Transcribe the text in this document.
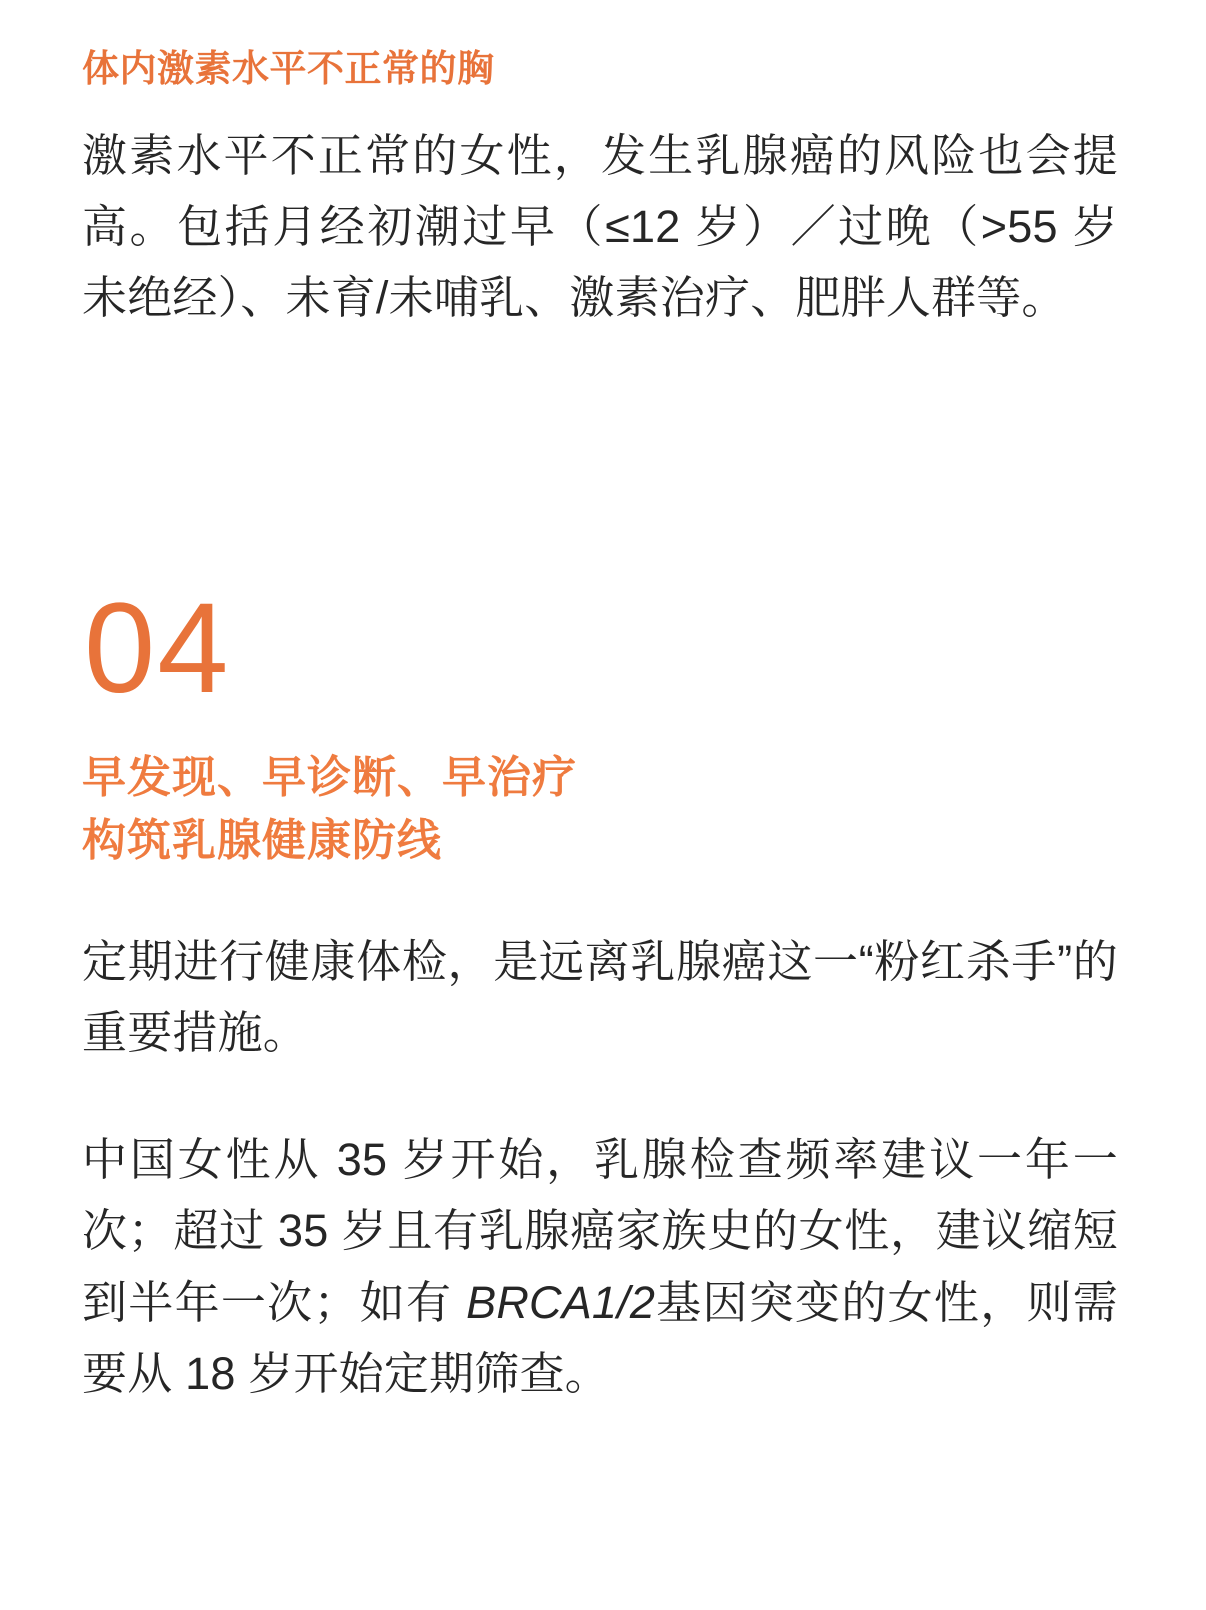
体内激素水平不正常的胸

激素水平不正常的女性，发生乳腺癌的风险也会提高。包括月经初潮过早（≤12 岁）／过晚（>55 岁未绝经）、未育/未哺乳、激素治疗、肥胖人群等。

04
早发现、早诊断、早治疗
构筑乳腺健康防线

定期进行健康体检，是远离乳腺癌这一“粉红杀手”的重要措施。

中国女性从 35 岁开始，乳腺检查频率建议一年一次；超过 35 岁且有乳腺癌家族史的女性，建议缩短到半年一次；如有 BRCA1/2基因突变的女性，则需要从 18 岁开始定期筛查。
